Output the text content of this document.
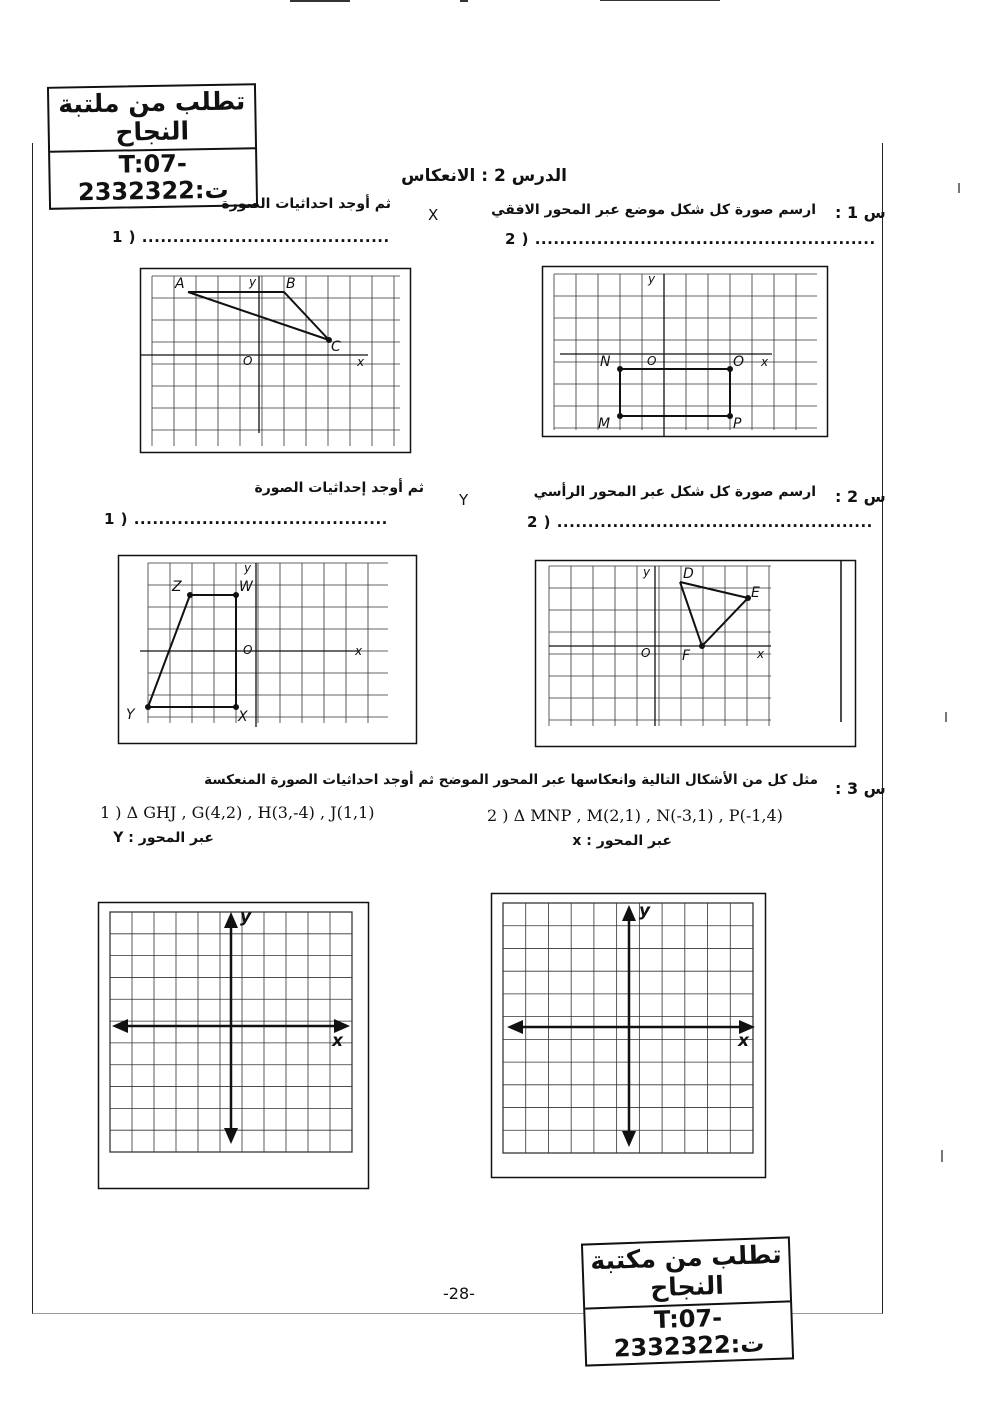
تطلب من ملتبة النجاح
T:07-2332322:ت	الدرس 2 : الانعكاس
س 1 :
ارسم صورة كل شكل موضع عبر المحور الافقي
X
ثم أوجد احداثيات الصورة
1 ) ........................................	2 ) .......................................................
A	B
C
O	x
y
N	O
M	P
O	x
y
س 2 :
ارسم صورة كل شكل عبر المحور الرأسي
Y
ثم أوجد إحداثيات الصورة
1 ) .........................................	2 ) ...................................................
Z	W
Y	X
O	x
y	D
E
F
O	x
y
س 3 :
مثل كل من الأشكال التالية وانعكاسها عبر المحور الموضح ثم أوجد احداثيات الصورة المنعكسة
1 ) Δ GHJ , G(4,2) , H(3,-4) , J(1,1)
عبر المحور : Y
2 ) Δ MNP , M(2,1) , N(-3,1) , P(-1,4)
عبر المحور : x
y
x
y
x
تطلب من مكتبة النجاح
T:07-2332322:ت
-28-
